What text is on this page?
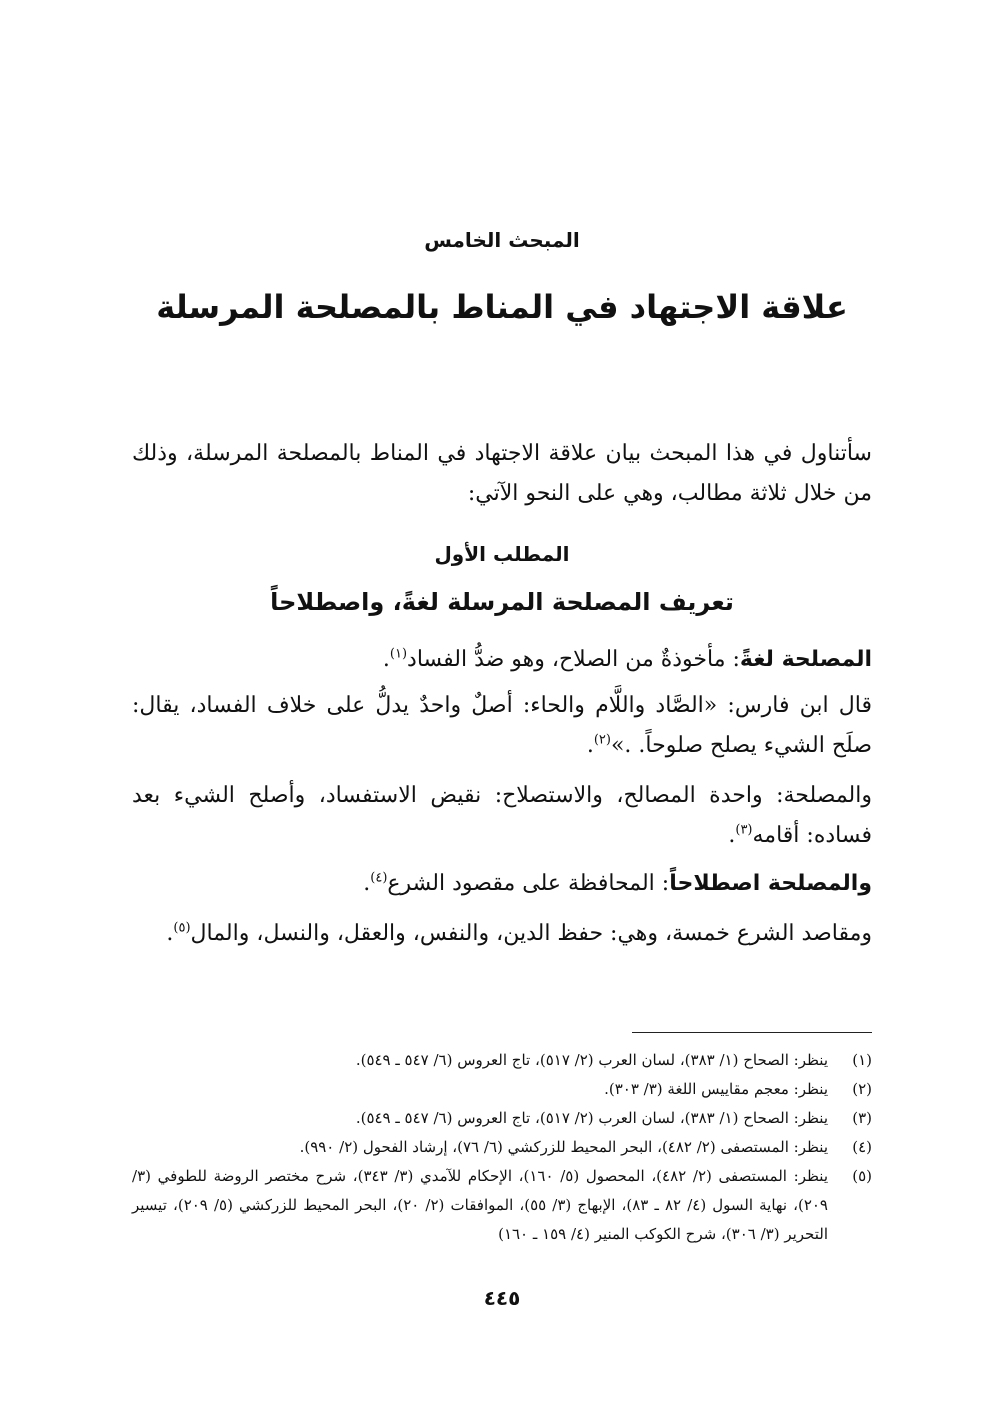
المبحث الخامس
علاقة الاجتهاد في المناط بالمصلحة المرسلة
سأتناول في هذا المبحث بيان علاقة الاجتهاد في المناط بالمصلحة المرسلة، وذلك من خلال ثلاثة مطالب، وهي على النحو الآتي:
المطلب الأول
تعريف المصلحة المرسلة لغةً، واصطلاحاً
المصلحة لغةً: مأخوذةٌ من الصلاح، وهو ضدُّ الفساد$^{(١)}$.
قال ابن فارس: «الصَّاد واللَّام والحاء: أصلٌ واحدٌ يدلُّ على خلاف الفساد، يقال: صلَح الشيء يصلح صلوحاً. .»$^{(٢)}$.
والمصلحة: واحدة المصالح، والاستصلاح: نقيض الاستفساد، وأصلح الشيء بعد فساده: أقامه$^{(٣)}$.
والمصلحة اصطلاحاً: المحافظة على مقصود الشرع$^{(٤)}$.
ومقاصد الشرع خمسة، وهي: حفظ الدين، والنفس، والعقل، والنسل، والمال$^{(٥)}$.
(١)
ينظر: الصحاح (١/ ٣٨٣)، لسان العرب (٢/ ٥١٧)، تاج العروس (٦/ ٥٤٧ ـ ٥٤٩).
(٢)
ينظر: معجم مقاييس اللغة (٣/ ٣٠٣).
(٣)
ينظر: الصحاح (١/ ٣٨٣)، لسان العرب (٢/ ٥١٧)، تاج العروس (٦/ ٥٤٧ ـ ٥٤٩).
(٤)
ينظر: المستصفى (٢/ ٤٨٢)، البحر المحيط للزركشي (٦/ ٧٦)، إرشاد الفحول (٢/ ٩٩٠).
(٥)
ينظر: المستصفى (٢/ ٤٨٢)، المحصول (٥/ ١٦٠)، الإحكام للآمدي (٣/ ٣٤٣)، شرح مختصر الروضة للطوفي (٣/ ٢٠٩)، نهاية السول (٤/ ٨٢ ـ ٨٣)، الإبهاج (٣/ ٥٥)، الموافقات (٢/ ٢٠)، البحر المحيط للزركشي (٥/ ٢٠٩)، تيسير التحرير (٣/ ٣٠٦)، شرح الكوكب المنير (٤/ ١٥٩ ـ ١٦٠)
٤٤٥
